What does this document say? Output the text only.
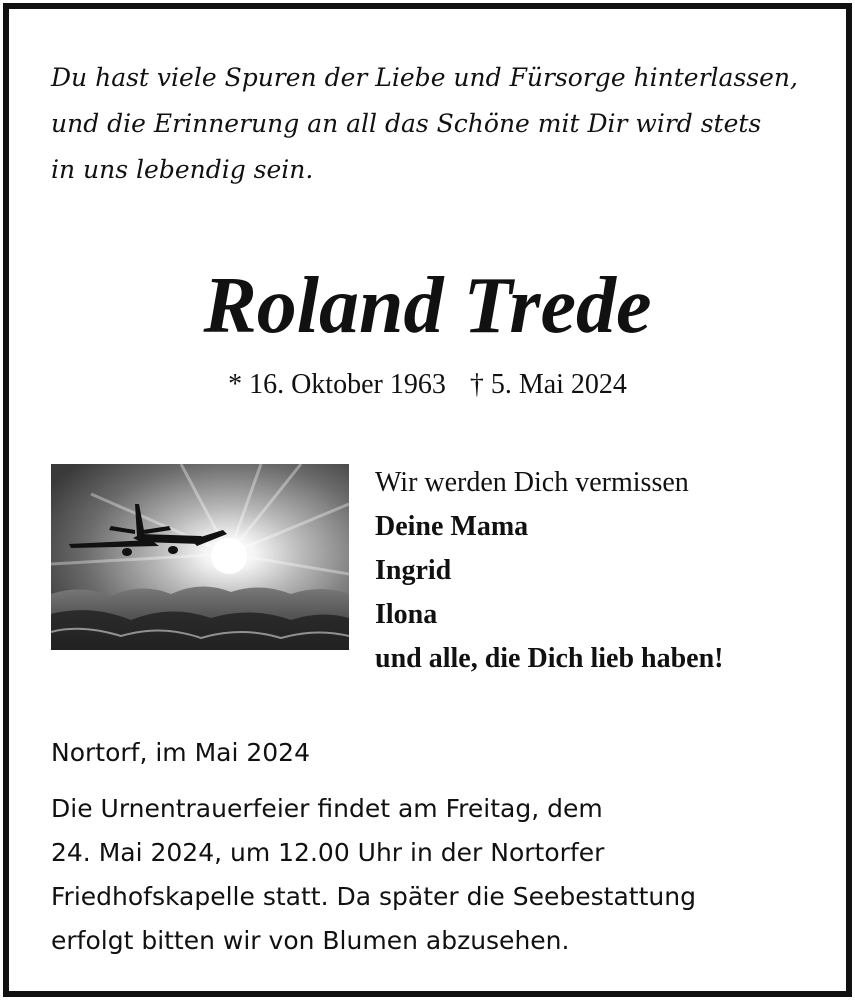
Du hast viele Spuren der Liebe und Fürsorge hinterlassen,
und die Erinnerung an all das Schöne mit Dir wird stets
in uns lebendig sein.

Roland Trede
* 16. Oktober 1963 † 5. Mai 2024
Wir werden Dich vermissen
Deine Mama
Ingrid
Ilona
und alle, die Dich lieb haben!
Nortorf, im Mai 2024
Die Urnentrauerfeier findet am Freitag, dem
24. Mai 2024, um 12.00 Uhr in der Nortorfer
Friedhofskapelle statt. Da später die Seebestattung
erfolgt bitten wir von Blumen abzusehen.
